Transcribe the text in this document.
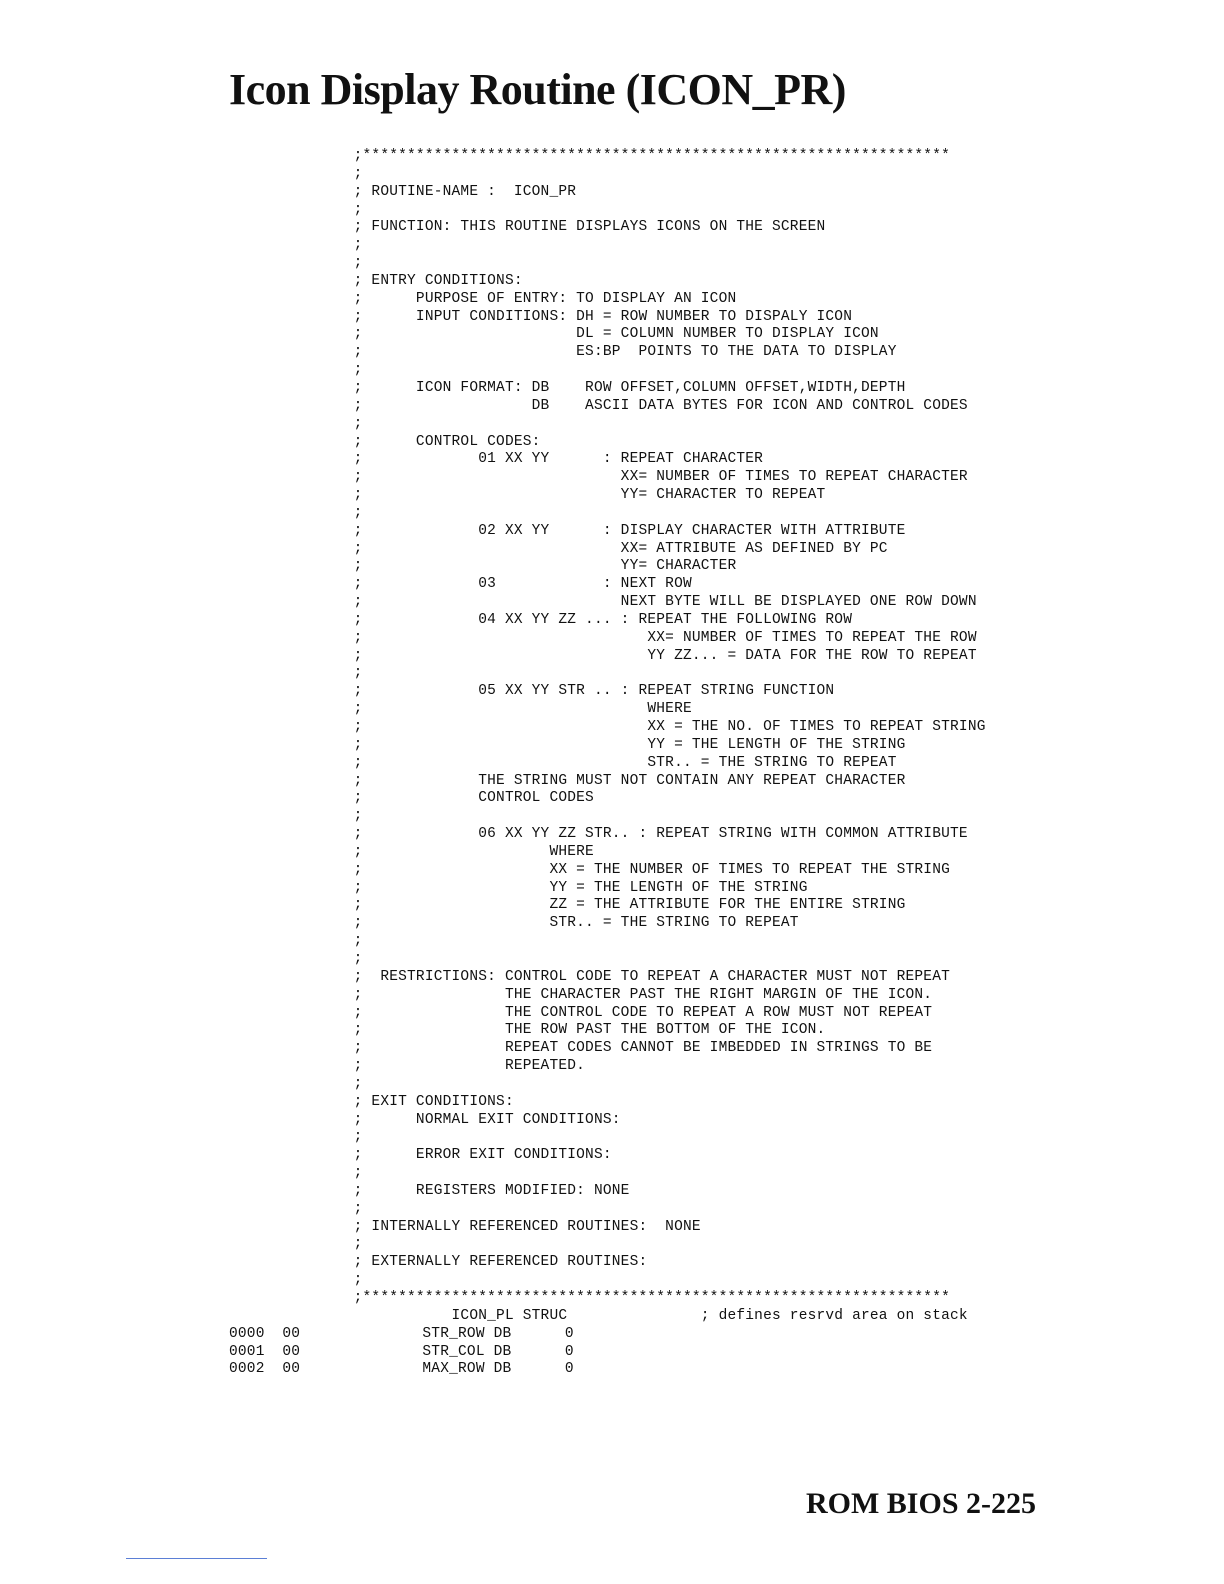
Icon Display Routine (ICON_PR)
;******************************************************************
;
; ROUTINE-NAME :  ICON_PR
;
; FUNCTION: THIS ROUTINE DISPLAYS ICONS ON THE SCREEN
;
;
; ENTRY CONDITIONS:
;      PURPOSE OF ENTRY: TO DISPLAY AN ICON
;      INPUT CONDITIONS: DH = ROW NUMBER TO DISPALY ICON
;                        DL = COLUMN NUMBER TO DISPLAY ICON
;                        ES:BP  POINTS TO THE DATA TO DISPLAY
;
;      ICON FORMAT: DB    ROW OFFSET,COLUMN OFFSET,WIDTH,DEPTH
;                   DB    ASCII DATA BYTES FOR ICON AND CONTROL CODES
;
;      CONTROL CODES:
;             01 XX YY      : REPEAT CHARACTER
;                             XX= NUMBER OF TIMES TO REPEAT CHARACTER
;                             YY= CHARACTER TO REPEAT
;
;             02 XX YY      : DISPLAY CHARACTER WITH ATTRIBUTE
;                             XX= ATTRIBUTE AS DEFINED BY PC
;                             YY= CHARACTER
;             03            : NEXT ROW
;                             NEXT BYTE WILL BE DISPLAYED ONE ROW DOWN
;             04 XX YY ZZ ... : REPEAT THE FOLLOWING ROW
;                                XX= NUMBER OF TIMES TO REPEAT THE ROW
;                                YY ZZ... = DATA FOR THE ROW TO REPEAT
;
;             05 XX YY STR .. : REPEAT STRING FUNCTION
;                                WHERE
;                                XX = THE NO. OF TIMES TO REPEAT STRING
;                                YY = THE LENGTH OF THE STRING
;                                STR.. = THE STRING TO REPEAT
;             THE STRING MUST NOT CONTAIN ANY REPEAT CHARACTER
;             CONTROL CODES
;
;             06 XX YY ZZ STR.. : REPEAT STRING WITH COMMON ATTRIBUTE
;                     WHERE
;                     XX = THE NUMBER OF TIMES TO REPEAT THE STRING
;                     YY = THE LENGTH OF THE STRING
;                     ZZ = THE ATTRIBUTE FOR THE ENTIRE STRING
;                     STR.. = THE STRING TO REPEAT
;
;
;  RESTRICTIONS: CONTROL CODE TO REPEAT A CHARACTER MUST NOT REPEAT
;                THE CHARACTER PAST THE RIGHT MARGIN OF THE ICON.
;                THE CONTROL CODE TO REPEAT A ROW MUST NOT REPEAT
;                THE ROW PAST THE BOTTOM OF THE ICON.
;                REPEAT CODES CANNOT BE IMBEDDED IN STRINGS TO BE
;                REPEATED.
;
; EXIT CONDITIONS:
;      NORMAL EXIT CONDITIONS:
;
;      ERROR EXIT CONDITIONS:
;
;      REGISTERS MODIFIED: NONE
;
; INTERNALLY REFERENCED ROUTINES:  NONE
;
; EXTERNALLY REFERENCED ROUTINES:
;
;******************************************************************
ICON_PL STRUC               ; defines resrvd area on stack
0000  00	STR_ROW DB      0
0001  00	STR_COL DB      0
0002  00	MAX_ROW DB      0
ROM BIOS 2-225
